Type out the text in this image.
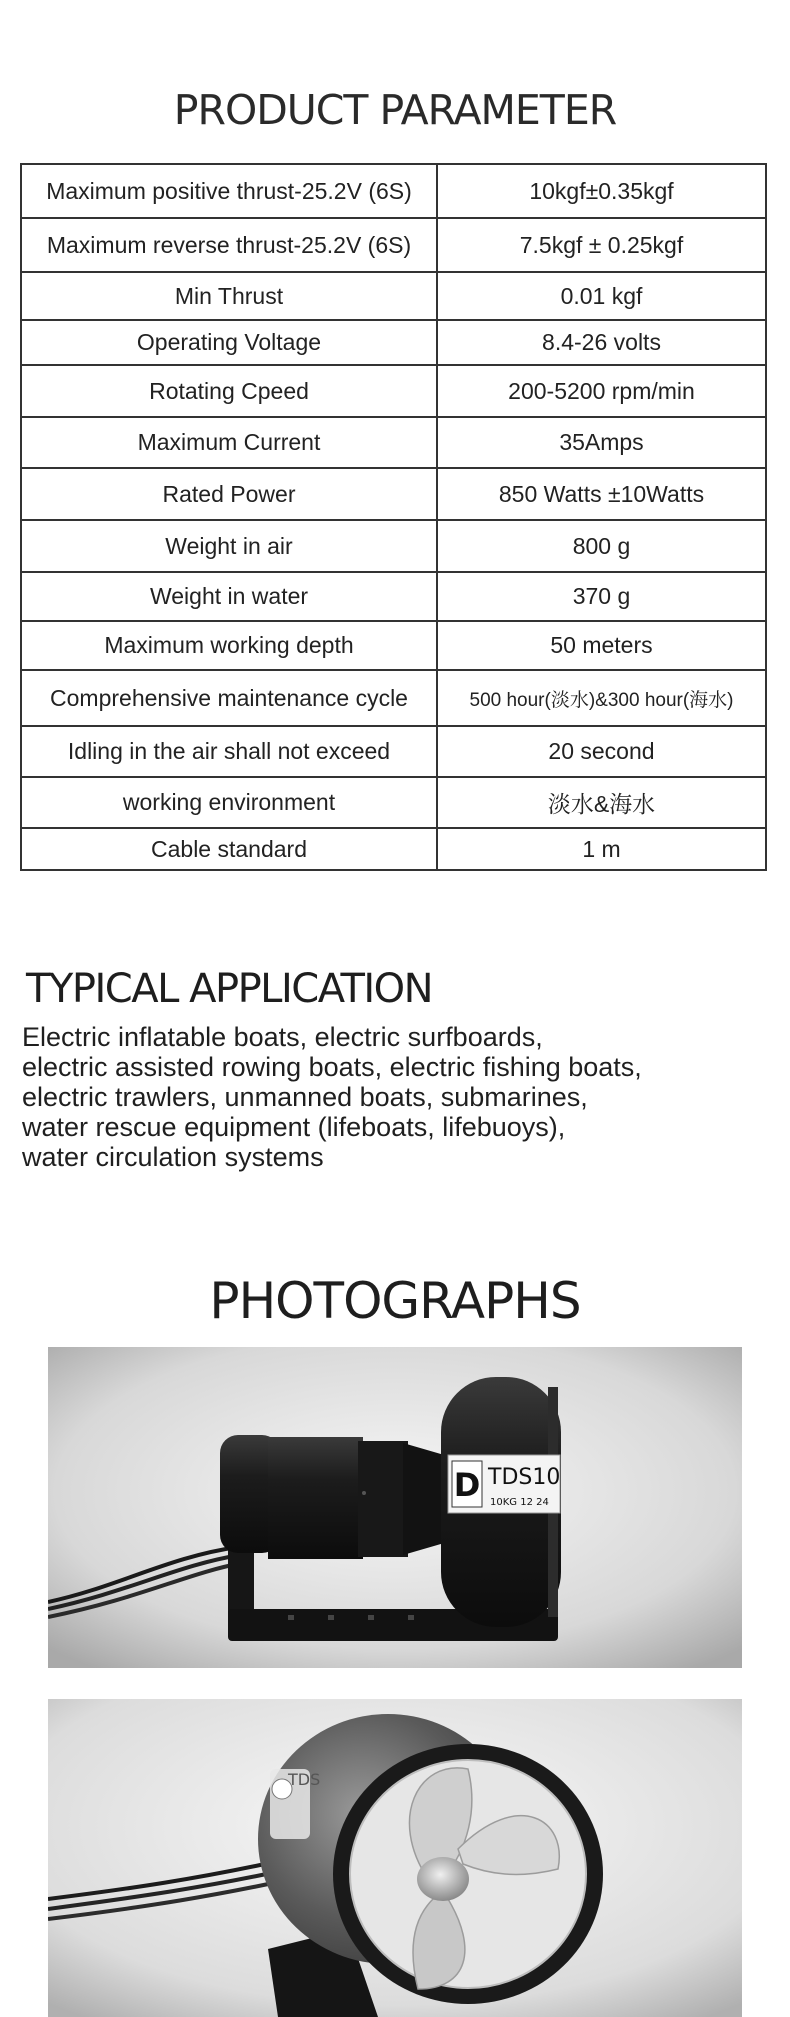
PRODUCT PARAMETER
Maximum positive thrust-25.2V (6S)	10kgf±0.35kgf
Maximum reverse thrust-25.2V (6S)	7.5kgf ± 0.25kgf
Min Thrust	0.01 kgf
Operating Voltage	8.4-26 volts
Rotating Cpeed	200-5200 rpm/min
Maximum Current	35Amps
Rated Power	850 Watts ±10Watts
Weight in air	800 g
Weight in water	370 g
Maximum working depth	50 meters
Comprehensive maintenance cycle	500 hour(淡水)&300 hour(海水)
Idling in the air shall not exceed	20 second
working environment	淡水&海水
Cable standard	1 m
TYPICAL APPLICATION
Electric inflatable boats, electric surfboards,
electric assisted rowing boats, electric fishing boats,
electric trawlers, unmanned boats, submarines,
water rescue equipment (lifeboats, lifebuoys),
water circulation systems
PHOTOGRAPHS
D TDS10
10KG 12 24
TDS
